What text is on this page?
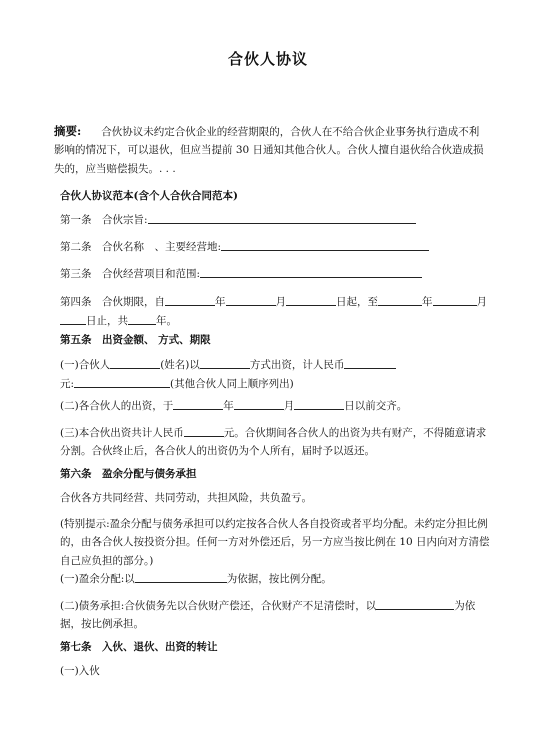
合伙人协议
摘要: 合伙协议未约定合伙企业的经营期限的，合伙人在不给合伙企业事务执行造成不利影响的情况下，可以退伙，但应当提前 30 日通知其他合伙人。合伙人擅自退伙给合伙造成损失的，应当赔偿损失。. . .
合伙人协议范本(含个人合伙合同范本)
第一条　合伙宗旨:
第二条　合伙名称　、主要经营地:
第三条　合伙经营项目和范围:
第四条　合伙期限，自	年	月	日起，至	年	月
日止，共	年。
第五条　出资金额、 方式、期限
(一)合伙人	(姓名)以	方式出资，计人民币
元:	(其他合伙人同上顺序列出)
(二)各合伙人的出资，于	年	月	日以前交齐。
(三)本合伙出资共计人民币	元。合伙期间各合伙人的出资为共有财产，不得随意请求分割。合伙终止后，各合伙人的出资仍为个人所有，届时予以返还。
第六条　盈余分配与债务承担
合伙各方共同经营、共同劳动，共担风险，共负盈亏。
(特别提示:盈余分配与债务承担可以约定按各合伙人各自投资或者平均分配。未约定分担比例的，由各合伙人按投资分担。任何一方对外偿还后，另一方应当按比例在 10 日内向对方清偿自己应负担的部分。)
(一)盈余分配:以	为依据，按比例分配。
(二)债务承担:合伙债务先以合伙财产偿还，合伙财产不足清偿时，以	为依据，按比例承担。
第七条　入伙、退伙、出资的转让
(一)入伙
